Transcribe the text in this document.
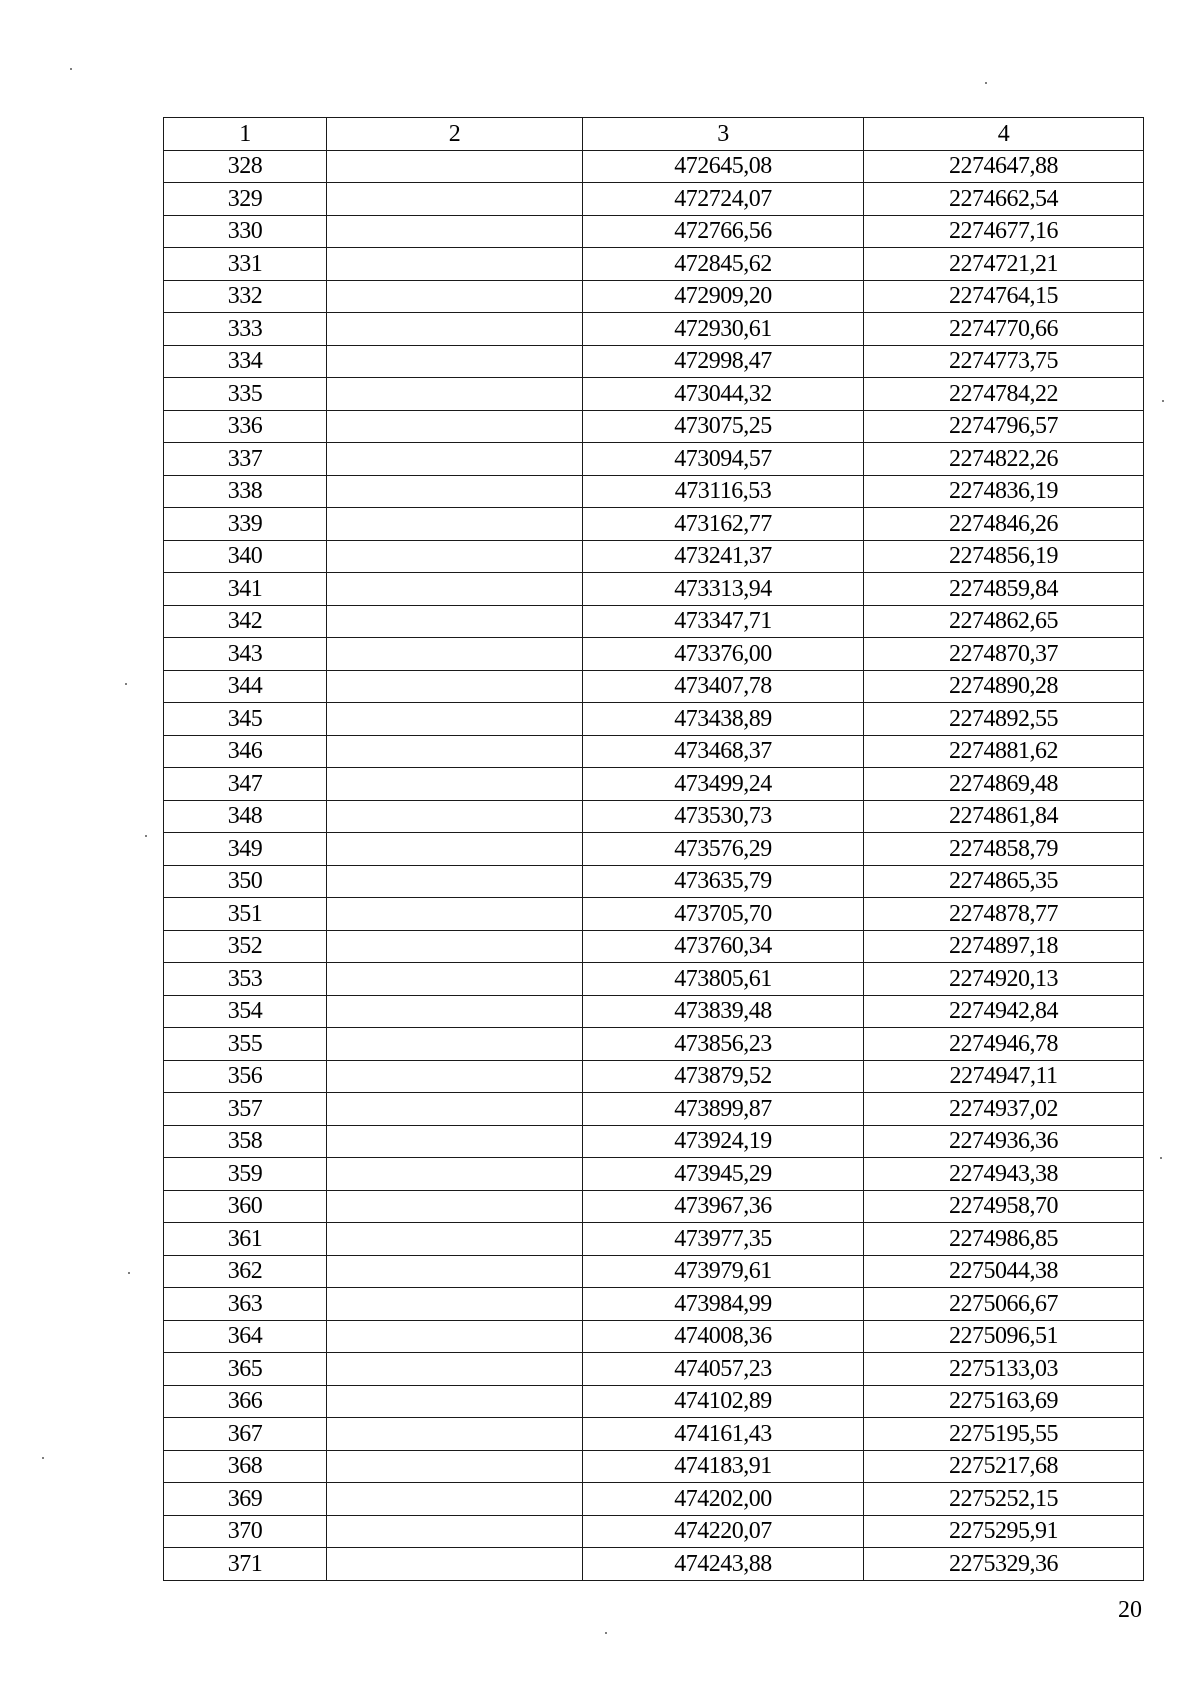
1	2	3	4
328		472645,08	2274647,88
329		472724,07	2274662,54
330		472766,56	2274677,16
331		472845,62	2274721,21
332		472909,20	2274764,15
333		472930,61	2274770,66
334		472998,47	2274773,75
335		473044,32	2274784,22
336		473075,25	2274796,57
337		473094,57	2274822,26
338		473116,53	2274836,19
339		473162,77	2274846,26
340		473241,37	2274856,19
341		473313,94	2274859,84
342		473347,71	2274862,65
343		473376,00	2274870,37
344		473407,78	2274890,28
345		473438,89	2274892,55
346		473468,37	2274881,62
347		473499,24	2274869,48
348		473530,73	2274861,84
349		473576,29	2274858,79
350		473635,79	2274865,35
351		473705,70	2274878,77
352		473760,34	2274897,18
353		473805,61	2274920,13
354		473839,48	2274942,84
355		473856,23	2274946,78
356		473879,52	2274947,11
357		473899,87	2274937,02
358		473924,19	2274936,36
359		473945,29	2274943,38
360		473967,36	2274958,70
361		473977,35	2274986,85
362		473979,61	2275044,38
363		473984,99	2275066,67
364		474008,36	2275096,51
365		474057,23	2275133,03
366		474102,89	2275163,69
367		474161,43	2275195,55
368		474183,91	2275217,68
369		474202,00	2275252,15
370		474220,07	2275295,91
371		474243,88	2275329,36
20
